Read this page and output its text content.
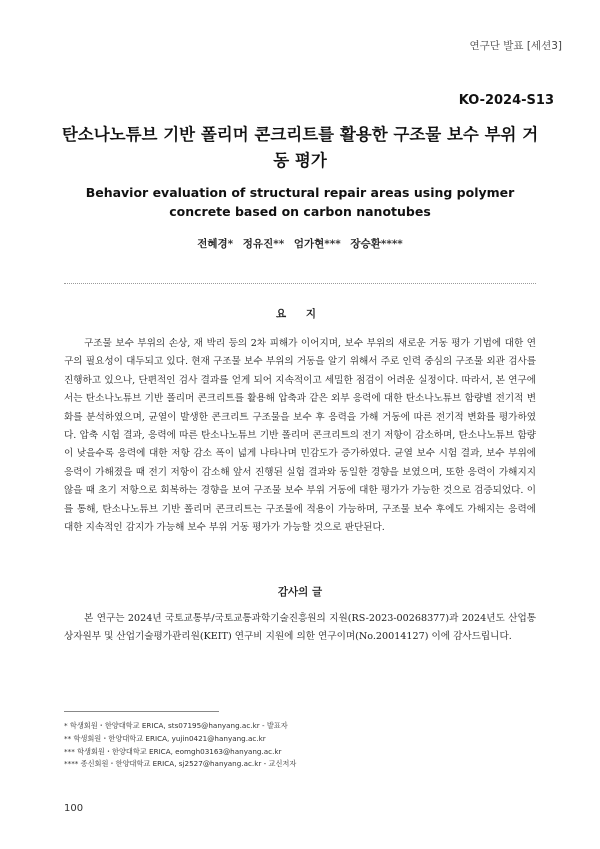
연구단 발표 [세션3]
KO-2024-S13
탄소나노튜브 기반 폴리머 콘크리트를 활용한 구조물 보수 부위 거동 평가
Behavior evaluation of structural repair areas using polymer concrete based on carbon nanotubes
전혜경* 정유진** 엄가현*** 장승환****
요 지

구조물 보수 부위의 손상, 재 박리 등의 2차 피해가 이어지며, 보수 부위의 새로운 거동 평가 기법에 대한 연구의 필요성이 대두되고 있다. 현재 구조물 보수 부위의 거동을 알기 위해서 주로 인력 중심의 구조물 외관 검사를 진행하고 있으나, 단편적인 검사 결과를 얻게 되어 지속적이고 세밀한 점검이 어려운 실정이다. 따라서, 본 연구에서는 탄소나노튜브 기반 폴리머 콘크리트를 활용해 압축과 같은 외부 응력에 대한 탄소나노튜브 함량별 전기적 변화를 분석하였으며, 균열이 발생한 콘크리트 구조물을 보수 후 응력을 가해 거동에 따른 전기적 변화를 평가하였다. 압축 시험 결과, 응력에 따른 탄소나노튜브 기반 폴리머 콘크리트의 전기 저항이 감소하며, 탄소나노튜브 함량이 낮을수록 응력에 대한 저항 감소 폭이 넓게 나타나며 민감도가 증가하였다. 균열 보수 시험 결과, 보수 부위에 응력이 가해졌을 때 전기 저항이 감소해 앞서 진행된 실험 결과와 동일한 경향을 보였으며, 또한 응력이 가해지지 않을 때 초기 저항으로 회복하는 경향을 보여 구조물 보수 부위 거동에 대한 평가가 가능한 것으로 검증되었다. 이를 통해, 탄소나노튜브 기반 폴리머 콘크리트는 구조물에 적용이 가능하며, 구조물 보수 후에도 가해지는 응력에 대한 지속적인 감지가 가능해 보수 부위 거동 평가가 가능할 것으로 판단된다.

감사의 글

본 연구는 2024년 국토교통부/국토교통과학기술진흥원의 지원(RS-2023-00268377)과 2024년도 산업통상자원부 및 산업기술평가관리원(KEIT) 연구비 지원에 의한 연구이며(No.20014127) 이에 감사드립니다.

* 학생회원・한양대학교 ERICA, sts07195@hanyang.ac.kr - 발표자
** 학생회원・한양대학교 ERICA, yujin0421@hanyang.ac.kr
*** 학생회원・한양대학교 ERICA, eomgh03163@hanyang.ac.kr
**** 종신회원・한양대학교 ERICA, sj2527@hanyang.ac.kr - 교신저자
100
